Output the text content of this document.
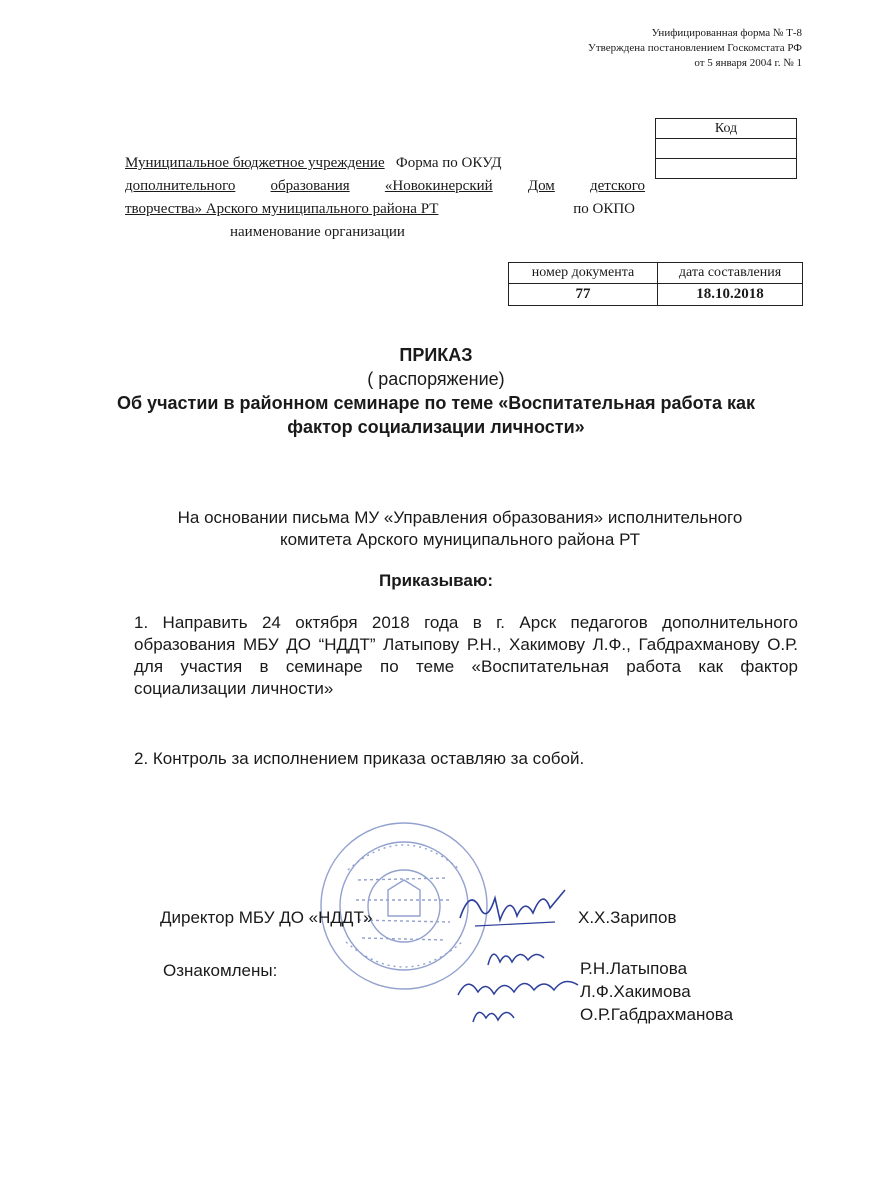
Унифицированная форма № Т-8
Утверждена постановлением Госкомстата РФ
от 5 января 2004 г. № 1
Код

Муниципальное бюджетное учреждение Форма по ОКУД
дополнительного образования «Новокинерский Дом детского
творчества» Арского муниципального района РТ	по ОКПО
наименование организации
номер документа	дата составления
77	18.10.2018
ПРИКАЗ
( распоряжение)
Об участии в районном семинаре по теме «Воспитательная работа как
фактор социализации личности»
На основании письма МУ «Управления образования» исполнительного
комитета Арского муниципального района РТ
Приказываю:
1. Направить 24 октября 2018 года в г. Арск педагогов дополнительного образования МБУ ДО “НДДТ” Латыпову Р.Н., Хакимову Л.Ф., Габдрахманову О.Р. для участия в семинаре по теме «Воспитательная работа как фактор социализации личности»
2. Контроль за исполнением приказа оставляю за собой.
Директор МБУ ДО «НДДТ»	Х.Х.Зарипов
Ознакомлены:	Р.Н.Латыпова
Л.Ф.Хакимова
О.Р.Габдрахманова
